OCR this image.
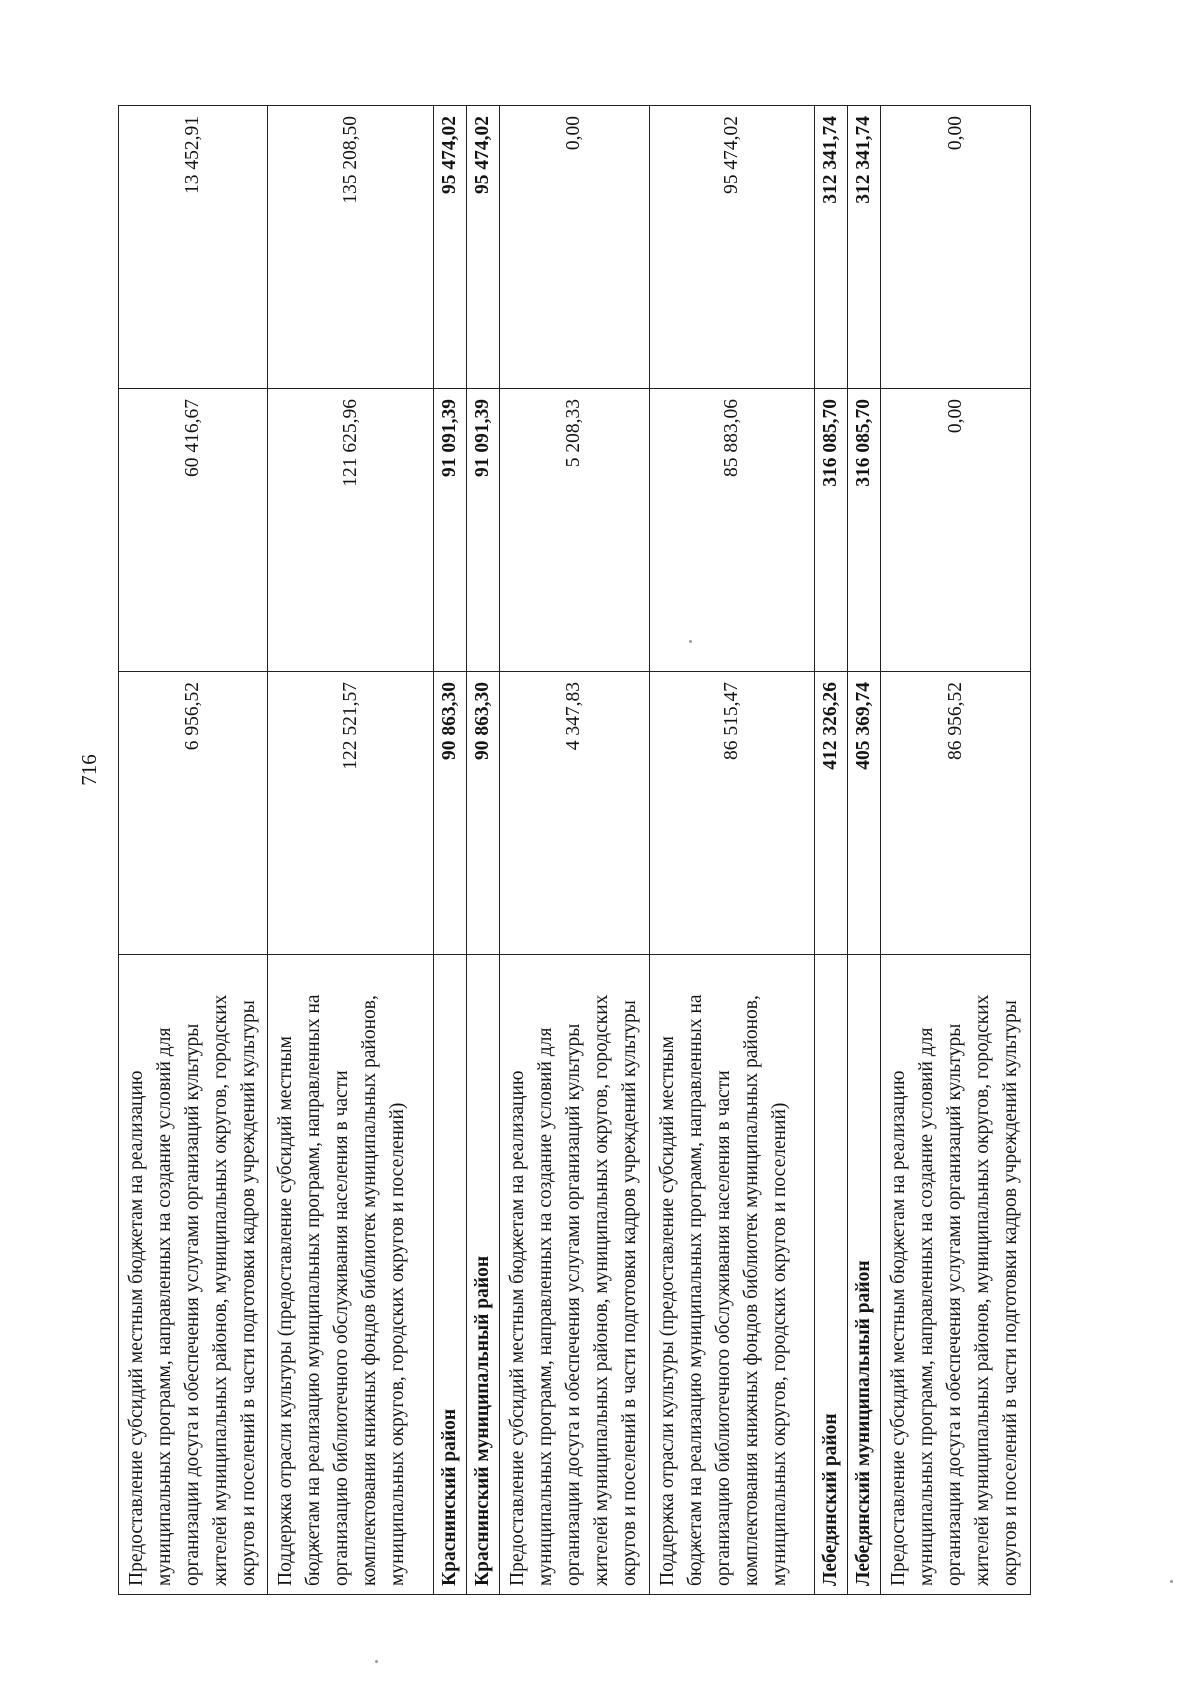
716
Предоставление субсидий местным бюджетам на реализацию муниципальных программ, направленных на создание условий для организации досуга и обеспечения услугами организаций культуры жителей муниципальных районов, муниципальных округов, городских округов и поселений в части подготовки кадров учреждений культуры	6 956,52	60 416,67	13 452,91
Поддержка отрасли культуры (предоставление субсидий местным бюджетам на реализацию муниципальных программ, направленных на организацию библиотечного обслуживания населения в части комплектования книжных фондов библиотек муниципальных районов, муниципальных округов, городских округов и поселений)	122 521,57	121 625,96	135 208,50
Краснинский район	90 863,30	91 091,39	95 474,02
Краснинский муниципальный район	90 863,30	91 091,39	95 474,02
Предоставление субсидий местным бюджетам на реализацию муниципальных программ, направленных на создание условий для организации досуга и обеспечения услугами организаций культуры жителей муниципальных районов, муниципальных округов, городских округов и поселений в части подготовки кадров учреждений культуры	4 347,83	5 208,33	0,00
Поддержка отрасли культуры (предоставление субсидий местным бюджетам на реализацию муниципальных программ, направленных на организацию библиотечного обслуживания населения в части комплектования книжных фондов библиотек муниципальных районов, муниципальных округов, городских округов и поселений)	86 515,47	85 883,06	95 474,02
Лебедянский район	412 326,26	316 085,70	312 341,74
Лебедянский муниципальный район	405 369,74	316 085,70	312 341,74
Предоставление субсидий местным бюджетам на реализацию муниципальных программ, направленных на создание условий для организации досуга и обеспечения услугами организаций культуры жителей муниципальных районов, муниципальных округов, городских округов и поселений в части подготовки кадров учреждений культуры	86 956,52	0,00	0,00
